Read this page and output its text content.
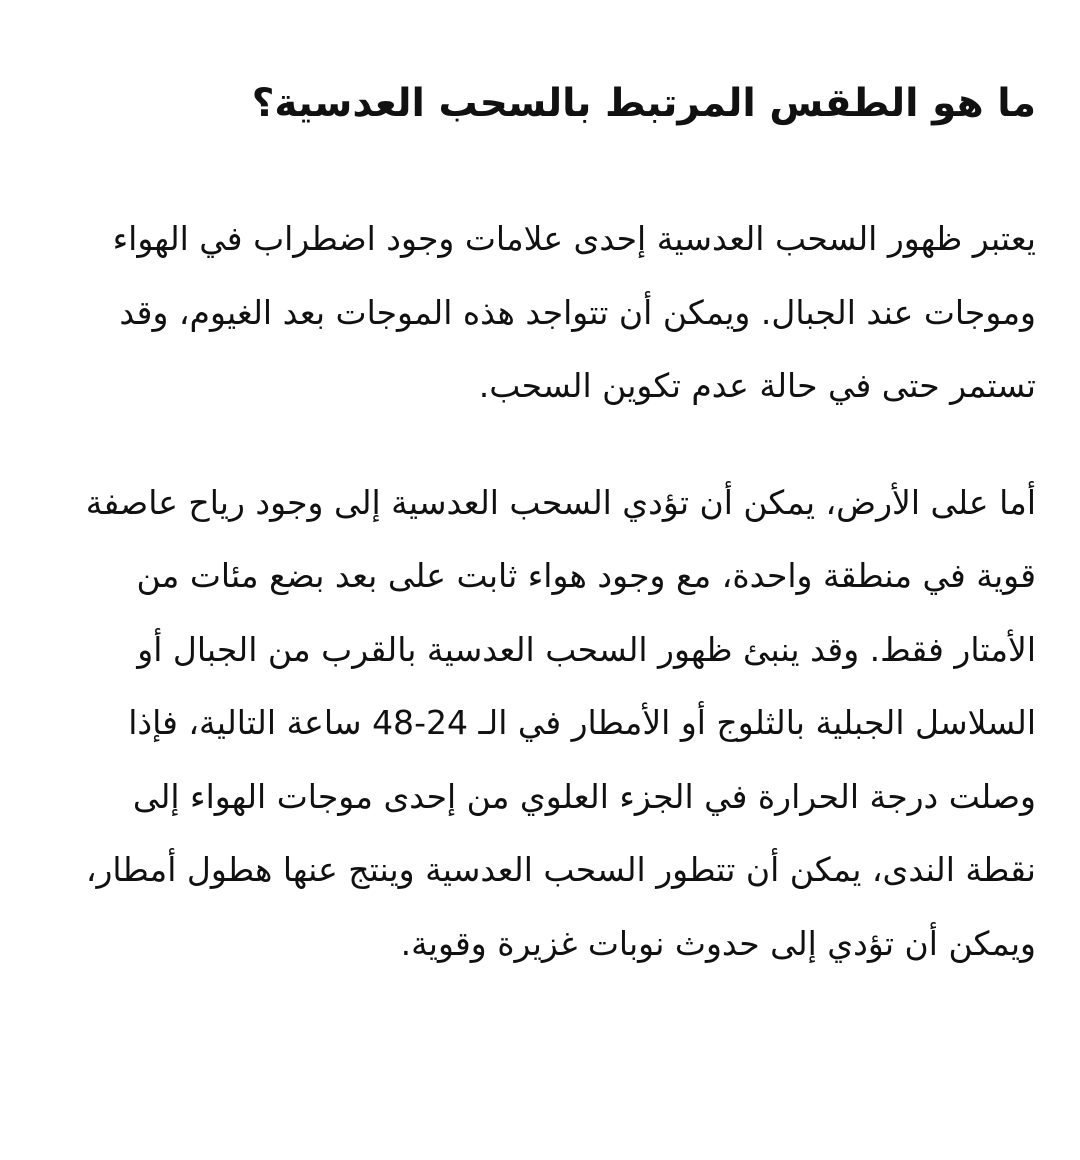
ما هو الطقس المرتبط بالسحب العدسية؟

يعتبر ظهور السحب العدسية إحدى علامات وجود اضطراب في الهواء وموجات عند الجبال. ويمكن أن تتواجد هذه الموجات بعد الغيوم، وقد تستمر حتى في حالة عدم تكوين السحب.

أما على الأرض، يمكن أن تؤدي السحب العدسية إلى وجود رياح عاصفة قوية في منطقة واحدة، مع وجود هواء ثابت على بعد بضع مئات من الأمتار فقط. وقد ينبئ ظهور السحب العدسية بالقرب من الجبال أو السلاسل الجبلية بالثلوج أو الأمطار في الـ 24-48 ساعة التالية، فإذا وصلت درجة الحرارة في الجزء العلوي من إحدى موجات الهواء إلى نقطة الندى، يمكن أن تتطور السحب العدسية وينتج عنها هطول أمطار، ويمكن أن تؤدي إلى حدوث نوبات غزيرة وقوية.
